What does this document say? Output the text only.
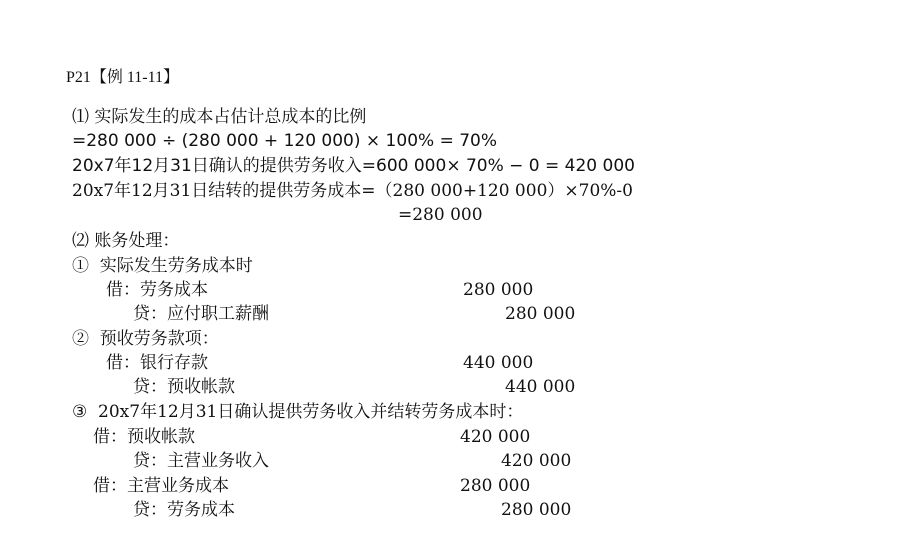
P21【例 11-11】
⑴ 实际发生的成本占估计总成本的比例
=280 000 ÷ (280 000 + 120 000) × 100% = 70%
20x7年12月31日确认的提供劳务收入=600 000× 70% − 0 = 420 000
20x7年12月31日结转的提供劳务成本=（280 000+120 000）×70%-0
=280 000
⑵ 账务处理：
①  实际发生劳务成本时
借：劳务成本	280 000
贷：应付职工薪酬	280 000
②  预收劳务款项：
借：银行存款	440 000
贷：预收帐款	440 000
③  20x7年12月31日确认提供劳务收入并结转劳务成本时：
借：预收帐款	420 000
贷：主营业务收入	420 000
借：主营业务成本	280 000
贷：劳务成本	280 000
